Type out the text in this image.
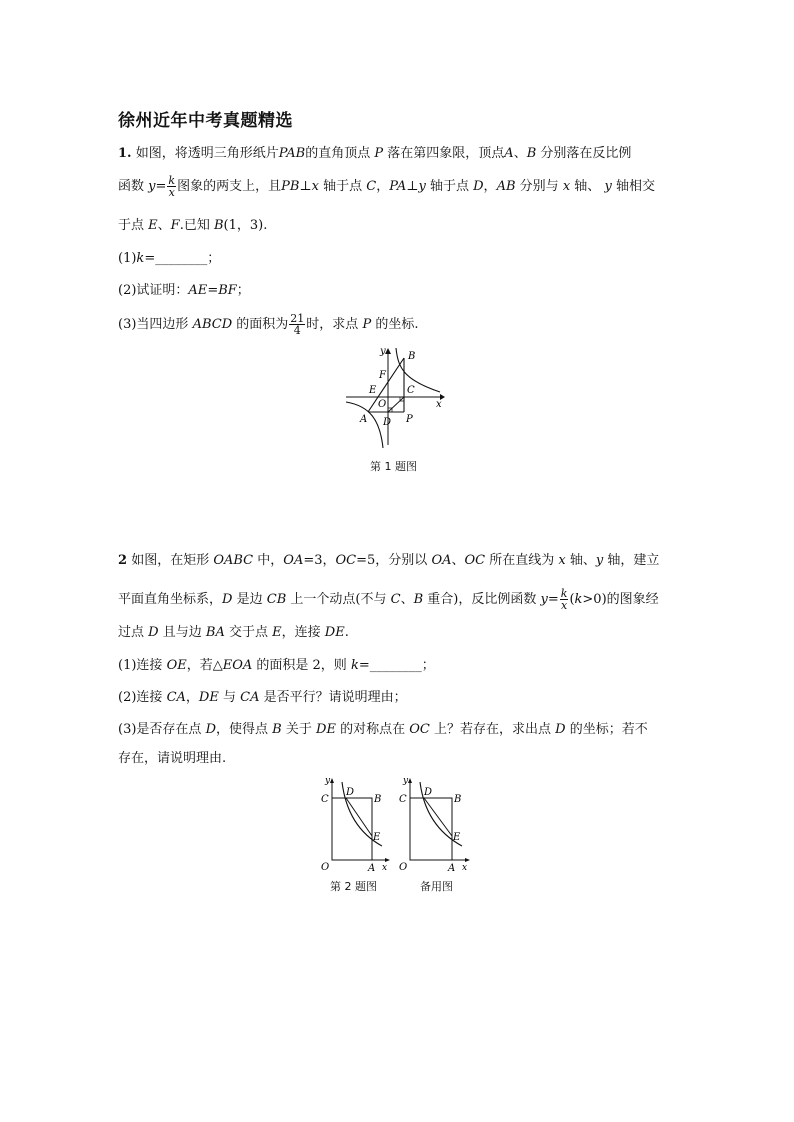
徐州近年中考真题精选
1. 如图，将透明三角形纸片PAB的直角顶点 P 落在第四象限，顶点A、B 分别落在反比例
函数 $y= \frac{k}{x}$ 图象的两支上，且PB⊥x 轴于点 C，PA⊥y 轴于点 D，AB 分别与 x 轴、 y 轴相交
于点 E、F.已知 B(1，3).
(1)k=________；
(2)试证明：AE=BF；
(3)当四边形 ABCD 的面积为 $\frac{21}{4}$ 时，求点 P 的坐标.
y
x
B
F
E	C
O
A D P
第 1 题图
2 如图，在矩形 OABC 中，OA=3，OC=5，分别以 OA、OC 所在直线为 x 轴、y 轴，建立
平面直角坐标系，D 是边 CB 上一个动点(不与 C、B 重合)，反比例函数 $y= \frac{k}{x} (k>0)$的图象经
过点 D 且与边 BA 交于点 E，连接 DE.
(1)连接 OE，若△EOA 的面积是 2，则 k=________；
(2)连接 CA，DE 与 CA 是否平行？请说明理由；
(3)是否存在点 D，使得点 B 关于 DE 的对称点在 OC 上？若存在，求出点 D 的坐标；若不
存在，请说明理由.
y
C
D
B
E
O	A x
第 2 题图
y
C
D
B
E
O	A x
备用图
